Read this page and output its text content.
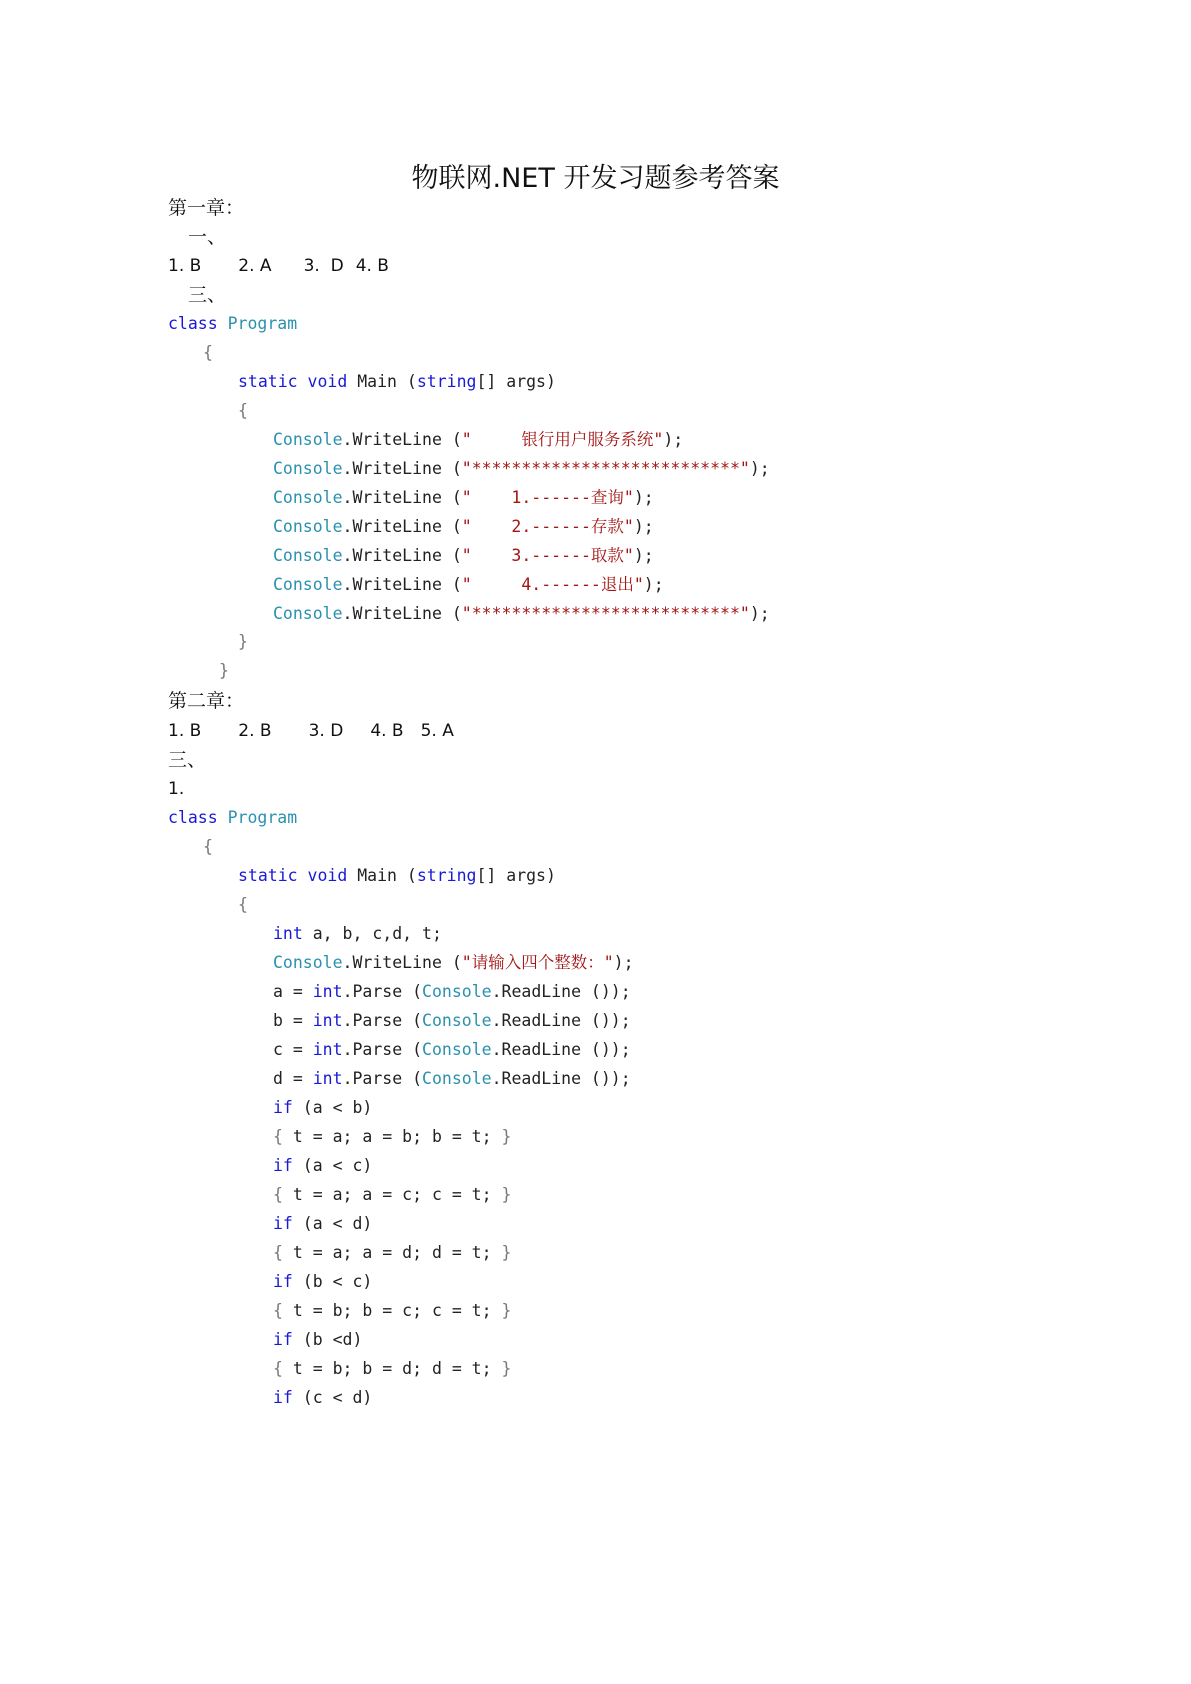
物联网.NET 开发习题参考答案
第一章：
一、
1. B 2. A 3.  D 4. B
三、
class Program
{
static void Main (string[] args)
{
Console.WriteLine ("     银行用户服务系统");
Console.WriteLine ("***************************");
Console.WriteLine ("    1.------查询");
Console.WriteLine ("    2.------存款");
Console.WriteLine ("    3.------取款");
Console.WriteLine ("     4.------退出");
Console.WriteLine ("***************************");
}
}
第二章：
1. B 2. B 3. D 4. B 5. A
三、
1.
class Program
{
static void Main (string[] args)
{
int a, b, c,d, t;
Console.WriteLine ("请输入四个整数：");
a = int.Parse (Console.ReadLine ());
b = int.Parse (Console.ReadLine ());
c = int.Parse (Console.ReadLine ());
d = int.Parse (Console.ReadLine ());
if (a < b)
{ t = a; a = b; b = t; }
if (a < c)
{ t = a; a = c; c = t; }
if (a < d)
{ t = a; a = d; d = t; }
if (b < c)
{ t = b; b = c; c = t; }
if (b <d)
{ t = b; b = d; d = t; }
if (c < d)
